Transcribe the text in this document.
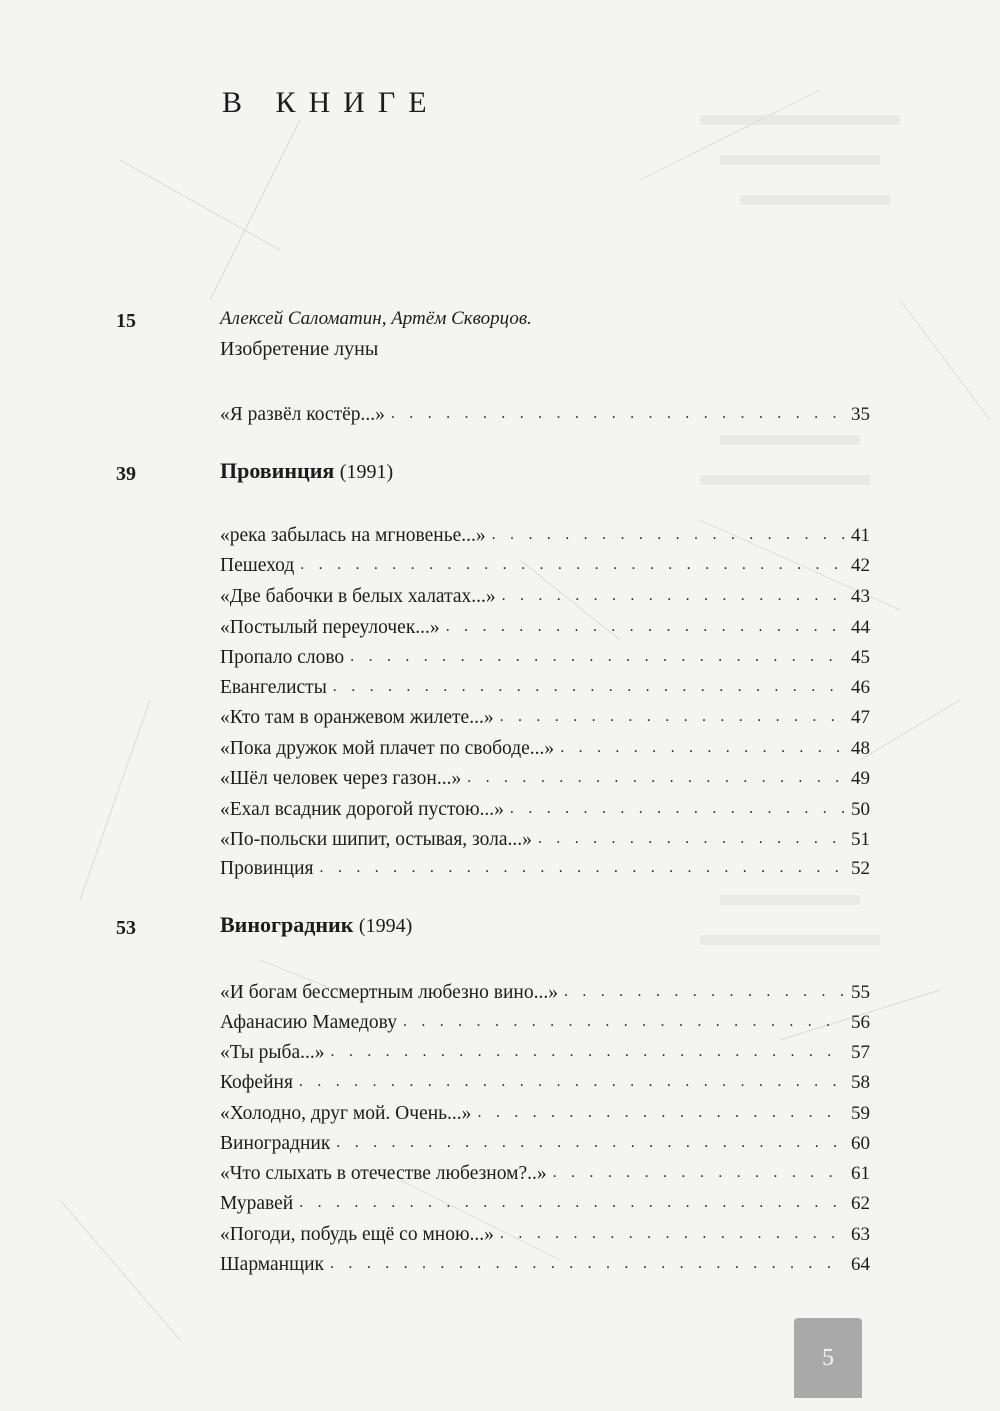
В КНИГЕ
15	Алексей Саломатин, Артём Скворцов.
Изобретение луны
«Я развёл костёр...» . . .	35
39	Провинция (1991)
«река забылась на мгновенье...» . . .	41
Пешеход . . .	42
«Две бабочки в белых халатах...» . . .	43
«Постылый переулочек...» . . .	44
Пропало слово . . .	45
Евангелисты . . .	46
«Кто там в оранжевом жилете...» . . .	47
«Пока дружок мой плачет по свободе...» . . .	48
«Шёл человек через газон...» . . .	49
«Ехал всадник дорогой пустою...» . . .	50
«По-польски шипит, остывая, зола...» . . .	51
Провинция . . .	52
53	Виноградник (1994)
«И богам бессмертным любезно вино...» . . .	55
Афанасию Мамедову . . .	56
«Ты рыба...» . . .	57
Кофейня . . .	58
«Холодно, друг мой. Очень...» . . .	59
Виноградник . . .	60
«Что слыхать в отечестве любезном?..» . . .	61
Муравей . . .	62
«Погоди, побудь ещё со мною...» . . .	63
Шарманщик . . .	64
5
